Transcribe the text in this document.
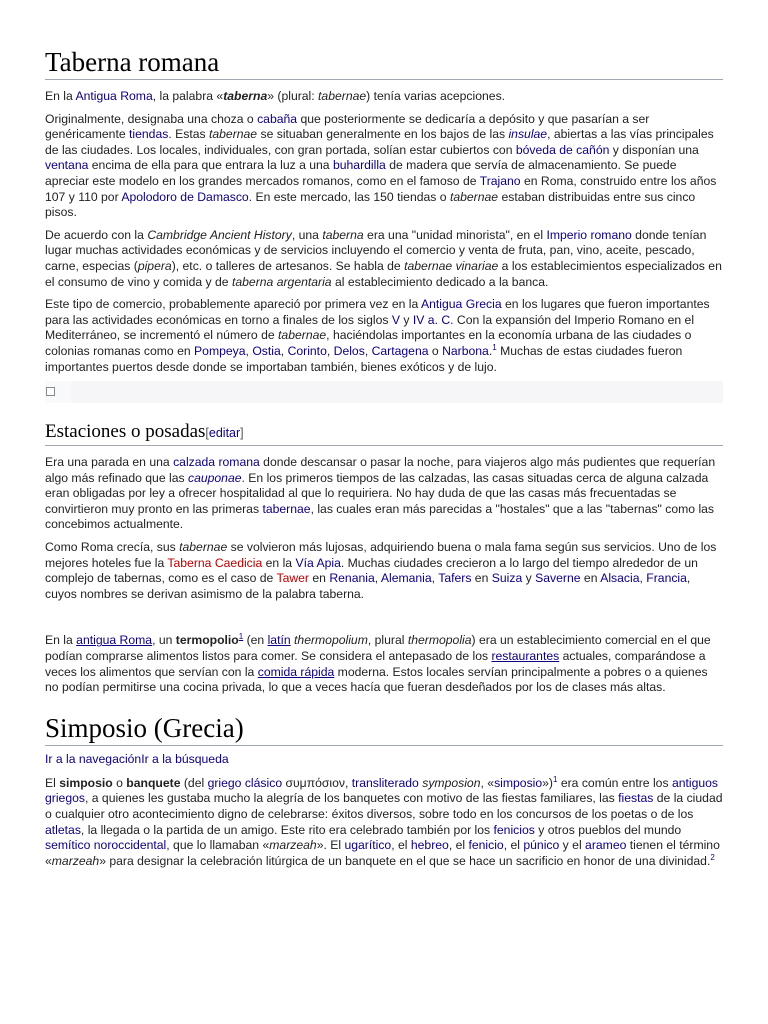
Taberna romana

En la Antigua Roma, la palabra «taberna» (plural: tabernae) tenía varias acepciones.

Originalmente, designaba una choza o cabaña que posteriormente se dedicaría a depósito y que pasarían a ser genéricamente tiendas. Estas tabernae se situaban generalmente en los bajos de las insulae, abiertas a las vías principales de las ciudades. Los locales, individuales, con gran portada, solían estar cubiertos con bóveda de cañón y disponían una ventana encima de ella para que entrara la luz a una buhardilla de madera que servía de almacenamiento. Se puede apreciar este modelo en los grandes mercados romanos, como en el famoso de Trajano en Roma, construido entre los años 107 y 110 por Apolodoro de Damasco. En este mercado, las 150 tiendas o tabernae estaban distribuidas entre sus cinco pisos.

De acuerdo con la Cambridge Ancient History, una taberna era una "unidad minorista", en el Imperio romano donde tenían lugar muchas actividades económicas y de servicios incluyendo el comercio y venta de fruta, pan, vino, aceite, pescado, carne, especias (pipera), etc. o talleres de artesanos. Se habla de tabernae vinariae a los establecimientos especializados en el consumo de vino y comida y de taberna argentaria al establecimiento dedicado a la banca.

Este tipo de comercio, probablemente apareció por primera vez en la Antigua Grecia en los lugares que fueron importantes para las actividades económicas en torno a finales de los siglos V y IV a. C. Con la expansión del Imperio Romano en el Mediterráneo, se incrementó el número de tabernae, haciéndolas importantes en la economía urbana de las ciudades o colonias romanas como en Pompeya, Ostia, Corinto, Delos, Cartagena o Narbona.$^1$ Muchas de estas ciudades fueron importantes puertos desde donde se importaban también, bienes exóticos y de lujo.

Estaciones o posadas[editar]

Era una parada en una calzada romana donde descansar o pasar la noche, para viajeros algo más pudientes que requerían algo más refinado que las cauponae. En los primeros tiempos de las calzadas, las casas situadas cerca de alguna calzada eran obligadas por ley a ofrecer hospitalidad al que lo requiriera. No hay duda de que las casas más frecuentadas se convirtieron muy pronto en las primeras tabernae, las cuales eran más parecidas a "hostales" que a las "tabernas" como las concebimos actualmente.

Como Roma crecía, sus tabernae se volvieron más lujosas, adquiriendo buena o mala fama según sus servicios. Uno de los mejores hoteles fue la Taberna Caedicia en la Vía Apia. Muchas ciudades crecieron a lo largo del tiempo alrededor de un complejo de tabernas, como es el caso de Tawer en Renania, Alemania, Tafers en Suiza y Saverne en Alsacia, Francia, cuyos nombres se derivan asimismo de la palabra taberna.

En la antigua Roma, un termopolio$^1$ (en latín thermopolium, plural thermopolia) era un establecimiento comercial en el que podían comprarse alimentos listos para comer. Se considera el antepasado de los restaurantes actuales, comparándose a veces los alimentos que servían con la comida rápida moderna. Estos locales servían principalmente a pobres o a quienes no podían permitirse una cocina privada, lo que a veces hacía que fueran desdeñados por los de clases más altas.

Simposio (Grecia)
Ir a la navegaciónIr a la búsqueda

El simposio o banquete (del griego clásico συμπόσιον, transliterado symposion, «simposio»)$^1$ era común entre los antiguos griegos, a quienes les gustaba mucho la alegría de los banquetes con motivo de las fiestas familiares, las fiestas de la ciudad o cualquier otro acontecimiento digno de celebrarse: éxitos diversos, sobre todo en los concursos de los poetas o de los atletas, la llegada o la partida de un amigo. Este rito era celebrado también por los fenicios y otros pueblos del mundo semítico noroccidental, que lo llamaban «marzeah». El ugarítico, el hebreo, el fenicio, el púnico y el arameo tienen el término «marzeah» para designar la celebración litúrgica de un banquete en el que se hace un sacrificio en honor de una divinidad.$^2$
